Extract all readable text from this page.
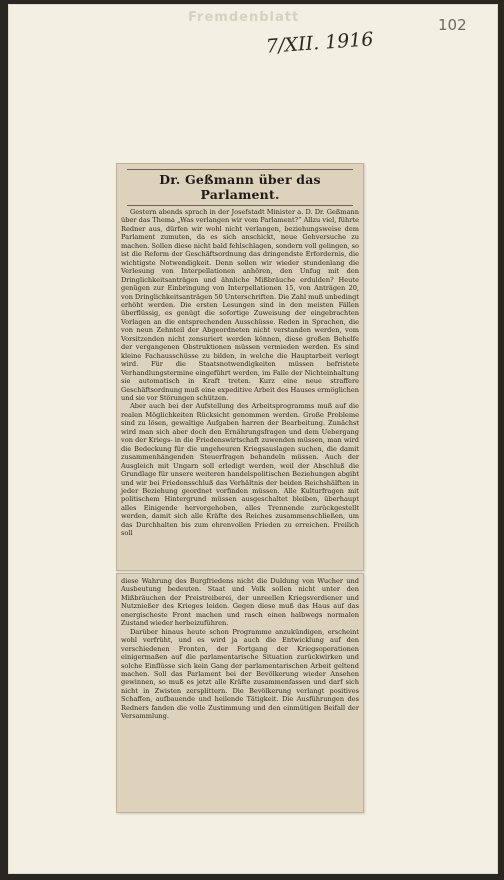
Fremdenblatt
7/XII. 1916
102
Dr. Geßmann über das Parlament.

Gestern abends sprach in der Josefstadt Minister a. D. Dr. Geßmann über das Thema „Was verlangen wir vom Parlament?“ Allzu viel, führte Redner aus, dürfen wir wohl nicht verlangen, beziehungsweise dem Parlament zumuten, da es sich anschickt, neue Gehversuche zu machen. Sollen diese nicht bald fehlschlagen, sondern voll gelingen, so ist die Reform der Geschäftsordnung das dringendste Erfordernis, die wichtigste Notwendigkeit. Denn sollen wir wieder stundenlang die Verlesung von Interpellationen anhören, den Unfug mit den Dringlichkeitsanträgen und ähnliche Mißbräuche erdulden? Heute genügen zur Einbringung von Interpellationen 15, von Anträgen 20, von Dringlichkeitsanträgen 50 Unterschriften. Die Zahl muß unbedingt erhöht werden. Die ersten Lesungen sind in den meisten Fällen überflüssig, es genügt die sofortige Zuweisung der eingebrachten Vorlagen an die entsprechenden Ausschüsse. Reden in Sprachen, die von neun Zehnteil der Abgeordneten nicht verstanden werden, vom Vorsitzenden nicht zensuriert werden können, diese großen Behelfe der vergangenen Obstruktionen müssen vermieden werden. Es sind kleine Fachausschüsse zu bilden, in welche die Hauptarbeit verlegt wird. Für die Staatsnotwendigkeiten müssen befristete Verhandlungstermine eingeführt werden, im Falle der Nichteinhaltung sie automatisch in Kraft treten. Kurz eine neue straffere Geschäftsordnung muß eine expeditive Arbeit des Hauses ermöglichen und sie vor Störungen schützen.

Aber auch bei der Aufstellung des Arbeitsprogramms muß auf die realen Möglichkeiten Rücksicht genommen werden. Große Probleme sind zu lösen, gewaltige Aufgaben harren der Bearbeitung. Zunächst wird man sich aber doch den Ernährungsfragen und dem Uebergang von der Kriegs- in die Friedenswirtschaft zuwenden müssen, man wird die Bedeckung für die ungeheuren Kriegsauslagen suchen, die damit zusammenhängenden Steuerfragen behandeln müssen. Auch der Ausgleich mit Ungarn soll erledigt werden, weil der Abschluß die Grundlage für unsere weiteren handelspolitischen Beziehungen abgibt und wir bei Friedensschluß das Verhältnis der beiden Reichshälften in jeder Beziehung geordnet vorfinden müssen. Alle Kulturfragen mit politischem Hintergrund müssen ausgeschaltet bleiben, überhaupt alles Einigende hervorgehoben, alles Trennende zurückgestellt werden, damit sich alle Kräfte des Reiches zusammenschließen, um das Durchhalten bis zum ehrenvollen Frieden zu erreichen. Freilich soll

diese Wahrung des Burgfriedens nicht die Duldung von Wucher und Ausbeutung bedeuten. Staat und Volk sollen nicht unter den Mißbräuchen der Preistreiberei, der unreellen Kriegsverdiener und Nutznießer des Krieges leiden. Gegen diese muß das Haus auf das energischeste Front machen und rasch einen halbwegs normalen Zustand wieder herbeizuführen.

Darüber hinaus heute schon Programme anzukündigen, erscheint wohl verfrüht, und es wird ja auch die Entwicklung auf den verschiedenen Fronten, der Fortgang der Kriegsoperationen einigermaßen auf die parlamentarische Situation zurückwirken und solche Einflüsse sich kein Gang der parlamentarischen Arbeit geltend machen. Soll das Parlament bei der Bevölkerung wieder Ansehen gewinnen, so muß es jetzt alle Kräfte zusammenfassen und darf sich nicht in Zwisten zersplittern. Die Bevölkerung verlangt positives Schaffen, aufbauende und heilende Tätigkeit. Die Ausführungen des Redners fanden die volle Zustimmung und den einmütigen Beifall der Versammlung.
